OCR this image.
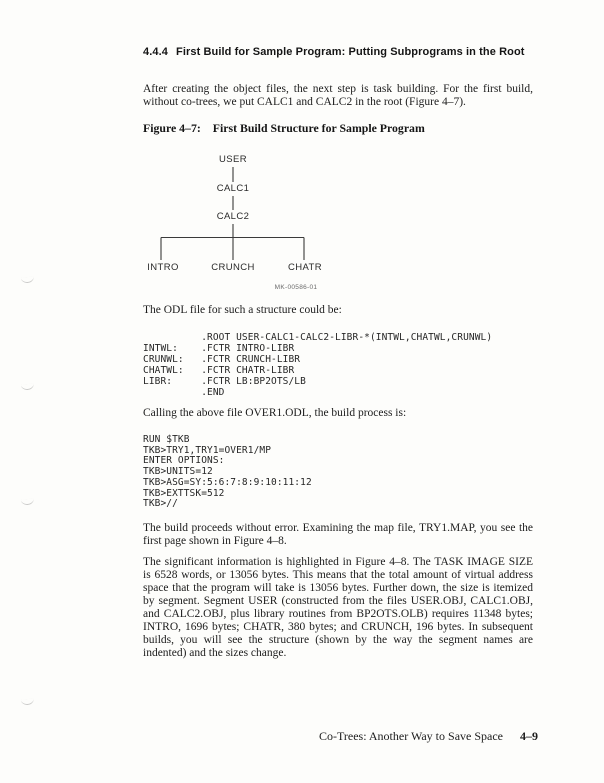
4.4.4 First Build for Sample Program: Putting Subprograms in the Root

After creating the object files, the next step is task building. For the first build, without co-trees, we put CALC1 and CALC2 in the root (Figure 4–7).

Figure 4–7: First Build Structure for Sample Program
USER
CALC1
CALC2
INTRO	CRUNCH	CHATR
MK-00586-01

The ODL file for such a structure could be:

.ROOT USER-CALC1-CALC2-LIBR-*(INTWL,CHATWL,CRUNWL)
INTWL:    .FCTR INTRO-LIBR
CRUNWL:   .FCTR CRUNCH-LIBR
CHATWL:   .FCTR CHATR-LIBR
LIBR:     .FCTR LB:BP2OTS/LB
.END

Calling the above file OVER1.ODL, the build process is:

RUN $TKB
TKB>TRY1,TRY1=OVER1/MP
ENTER OPTIONS:
TKB>UNITS=12
TKB>ASG=SY:5:6:7:8:9:10:11:12
TKB>EXTTSK=512
TKB>//

The build proceeds without error. Examining the map file, TRY1.MAP, you see the first page shown in Figure 4–8.

The significant information is highlighted in Figure 4–8. The TASK IMAGE SIZE is 6528 words, or 13056 bytes. This means that the total amount of virtual address space that the program will take is 13056 bytes. Further down, the size is itemized by segment. Segment USER (constructed from the files USER.OBJ, CALC1.OBJ, and CALC2.OBJ, plus library routines from BP2OTS.OLB) requires 11348 bytes; INTRO, 1696 bytes; CHATR, 380 bytes; and CRUNCH, 196 bytes. In subsequent builds, you will see the structure (shown by the way the segment names are indented) and the sizes change.

Co-Trees: Another Way to Save Space 4–9
